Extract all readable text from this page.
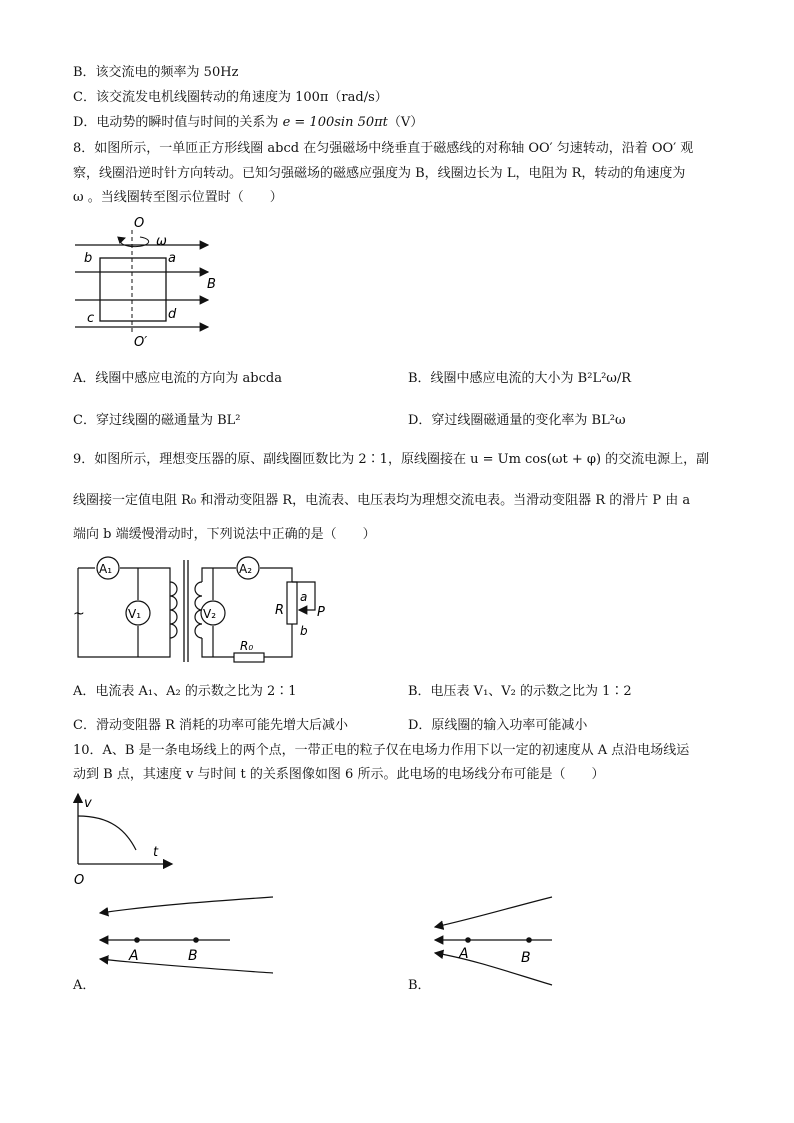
B．该交流电的频率为 50Hz
C．该交流发电机线圈转动的角速度为 100π（rad/s）
D．电动势的瞬时值与时间的关系为 e = 100sin 50πt（V）
8．如图所示，一单匝正方形线圈 abcd 在匀强磁场中绕垂直于磁感线的对称轴 OO′ 匀速转动，沿着 OO′ 观
察，线圈沿逆时针方向转动。已知匀强磁场的磁感应强度为 B，线圈边长为 L，电阻为 R，转动的角速度为
ω 。当线圈转至图示位置时（　　）
O
ω
b	a
B
c	d
O′
A．线圈中感应电流的方向为 abcda	B．线圈中感应电流的大小为 B²L²ω/R
C．穿过线圈的磁通量为 BL²	D．穿过线圈磁通量的变化率为 BL²ω
9．如图所示，理想变压器的原、副线圈匝数比为 2∶1，原线圈接在 u = Um cos(ωt + φ) 的交流电源上，副
线圈接一定值电阻 R₀ 和滑动变阻器 R，电流表、电压表均为理想交流电表。当滑动变阻器 R 的滑片 P 由 a
端向 b 端缓慢滑动时，下列说法中正确的是（　　）
A₁
V₁
~
A₂
V₂	R
a
b
P
R₀
A．电流表 A₁、A₂ 的示数之比为 2∶1	B．电压表 V₁、V₂ 的示数之比为 1∶2
C．滑动变阻器 R 消耗的功率可能先增大后减小	D．原线圈的输入功率可能减小
10．A、B 是一条电场线上的两个点，一带正电的粒子仅在电场力作用下以一定的初速度从 A 点沿电场线运
动到 B 点，其速度 v 与时间 t 的关系图像如图 6 所示。此电场的电场线分布可能是（　　）
v
t
O
A	B
A．
A	B
B．
